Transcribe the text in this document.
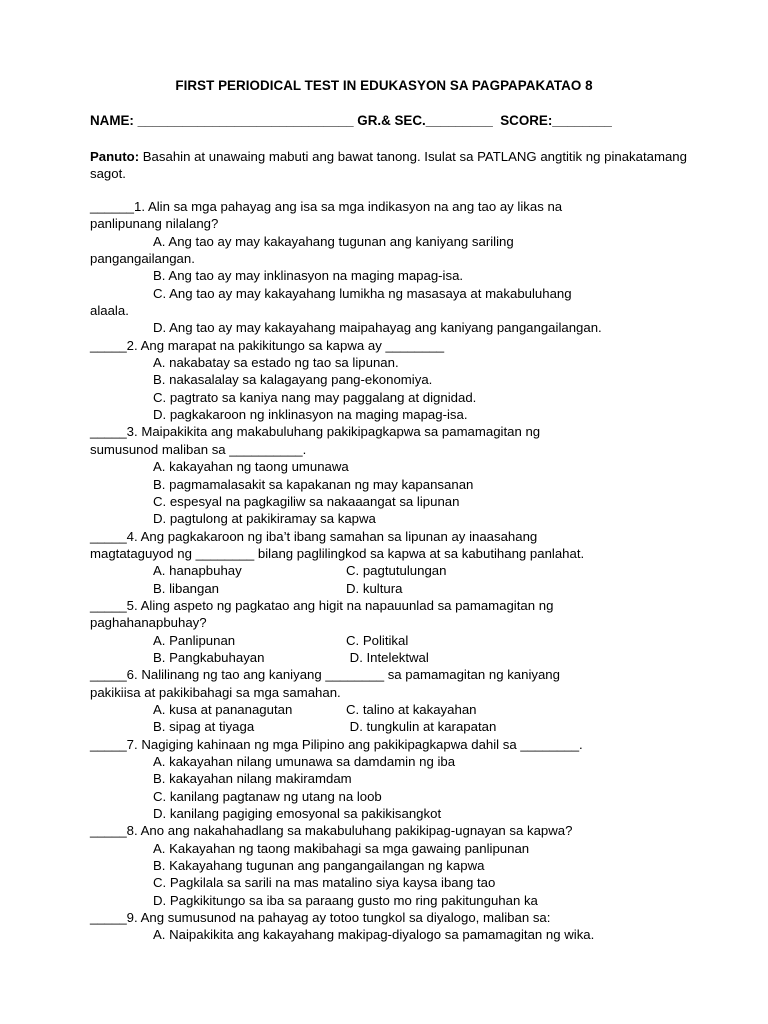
FIRST PERIODICAL TEST IN EDUKASYON SA PAGPAPAKATAO 8
NAME: _____________________________ GR.& SEC._________  SCORE:________
Panuto: Basahin at unawaing mabuti ang bawat tanong. Isulat sa PATLANG angtitik ng pinakatamang sagot.
______1. Alin sa mga pahayag ang isa sa mga indikasyon na ang tao ay likas na
panlipunang nilalang?
A. Ang tao ay may kakayahang tugunan ang kaniyang sariling
pangangailangan.
B. Ang tao ay may inklinasyon na maging mapag-isa.
C. Ang tao ay may kakayahang lumikha ng masasaya at makabuluhang
alaala.
D. Ang tao ay may kakayahang maipahayag ang kaniyang pangangailangan.
_____2. Ang marapat na pakikitungo sa kapwa ay ________
A. nakabatay sa estado ng tao sa lipunan.
B. nakasalalay sa kalagayang pang-ekonomiya.
C. pagtrato sa kaniya nang may paggalang at dignidad.
D. pagkakaroon ng inklinasyon na maging mapag-isa.
_____3. Maipakikita ang makabuluhang pakikipagkapwa sa pamamagitan ng
sumusunod maliban sa __________.
A. kakayahan ng taong umunawa
B. pagmamalasakit sa kapakanan ng may kapansanan
C. espesyal na pagkagiliw sa nakaaangat sa lipunan
D. pagtulong at pakikiramay sa kapwa
_____4. Ang pagkakaroon ng iba’t ibang samahan sa lipunan ay inaasahang
magtataguyod ng ________ bilang paglilingkod sa kapwa at sa kabutihang panlahat.
A. hanapbuhay	C. pagtutulungan
B. libangan	D. kultura
_____5. Aling aspeto ng pagkatao ang higit na napauunlad sa pamamagitan ng
paghahanapbuhay?
A. Panlipunan	C. Politikal
B. Pangkabuhayan	D. Intelektwal
_____6. Nalilinang ng tao ang kaniyang ________ sa pamamagitan ng kaniyang
pakikiisa at pakikibahagi sa mga samahan.
A. kusa at pananagutan	C. talino at kakayahan
B. sipag at tiyaga	D. tungkulin at karapatan
_____7. Nagiging kahinaan ng mga Pilipino ang pakikipagkapwa dahil sa ________.
A. kakayahan nilang umunawa sa damdamin ng iba
B. kakayahan nilang makiramdam
C. kanilang pagtanaw ng utang na loob
D. kanilang pagiging emosyonal sa pakikisangkot
_____8. Ano ang nakahahadlang sa makabuluhang pakikipag-ugnayan sa kapwa?
A. Kakayahan ng taong makibahagi sa mga gawaing panlipunan
B. Kakayahang tugunan ang pangangailangan ng kapwa
C. Pagkilala sa sarili na mas matalino siya kaysa ibang tao
D. Pagkikitungo sa iba sa paraang gusto mo ring pakitunguhan ka
_____9. Ang sumusunod na pahayag ay totoo tungkol sa diyalogo, maliban sa:
A. Naipakikita ang kakayahang makipag-diyalogo sa pamamagitan ng wika.
